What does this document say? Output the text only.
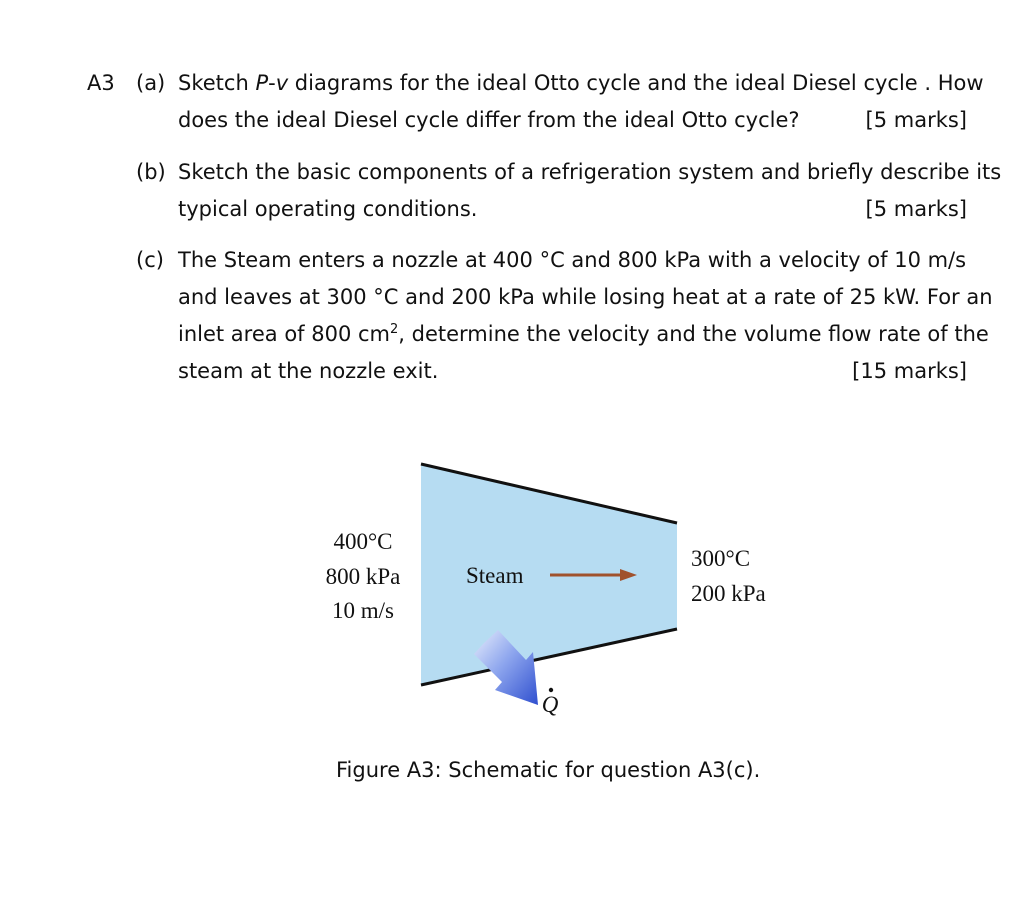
A3 (a) Sketch P-v diagrams for the ideal Otto cycle and the ideal Diesel cycle . How
does the ideal Diesel cycle differ from the ideal Otto cycle?	[5 marks]
(b) Sketch the basic components of a refrigeration system and briefly describe its
typical operating conditions.	[5 marks]
(c) The Steam enters a nozzle at 400 °C and 800 kPa with a velocity of 10 m/s
and leaves at 300 °C and 200 kPa while losing heat at a rate of 25 kW. For an
inlet area of 800 $cm^2$, determine the velocity and the volume flow rate of the
steam at the nozzle exit.	[15 marks]
400°C
800 kPa
10 m/s
Steam
300°C
200 kPa
Q
Figure A3: Schematic for question A3(c).
